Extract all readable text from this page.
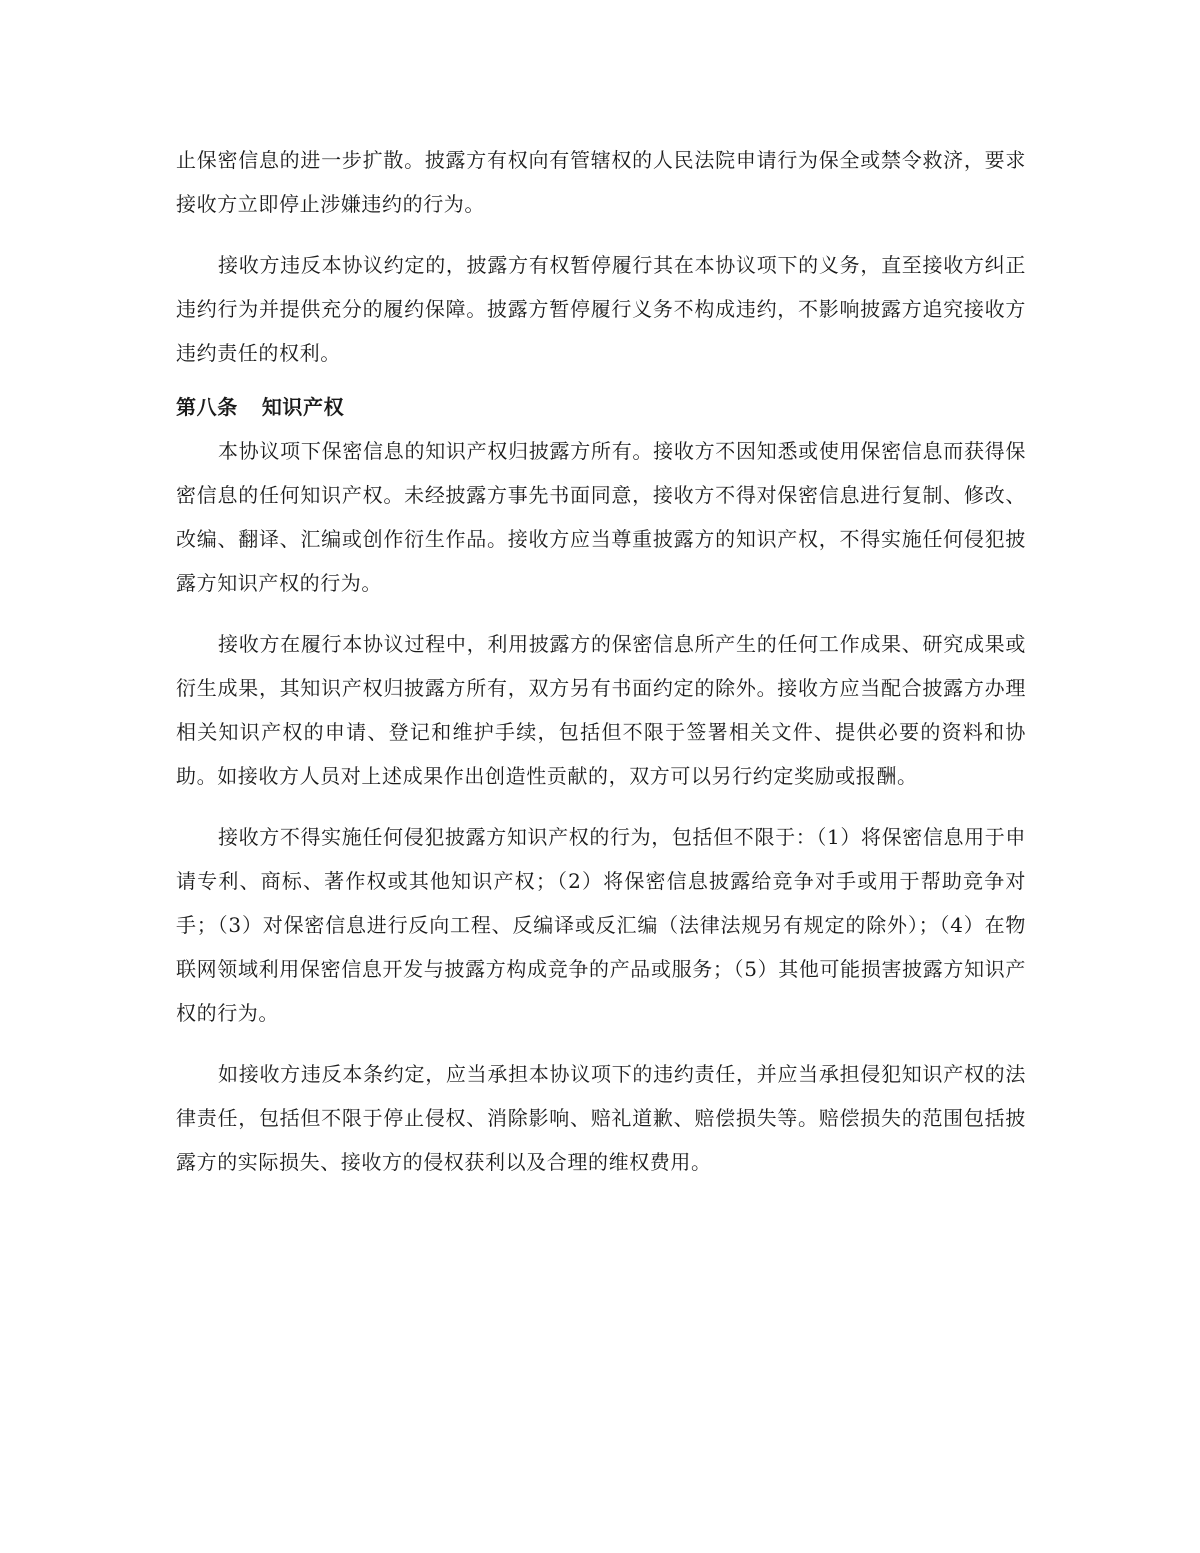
止保密信息的进一步扩散。披露方有权向有管辖权的人民法院申请行为保全或禁令救济，要求接收方立即停止涉嫌违约的行为。

接收方违反本协议约定的，披露方有权暂停履行其在本协议项下的义务，直至接收方纠正违约行为并提供充分的履约保障。披露方暂停履行义务不构成违约，不影响披露方追究接收方违约责任的权利。

第八条 知识产权

本协议项下保密信息的知识产权归披露方所有。接收方不因知悉或使用保密信息而获得保密信息的任何知识产权。未经披露方事先书面同意，接收方不得对保密信息进行复制、修改、改编、翻译、汇编或创作衍生作品。接收方应当尊重披露方的知识产权，不得实施任何侵犯披露方知识产权的行为。

接收方在履行本协议过程中，利用披露方的保密信息所产生的任何工作成果、研究成果或衍生成果，其知识产权归披露方所有，双方另有书面约定的除外。接收方应当配合披露方办理相关知识产权的申请、登记和维护手续，包括但不限于签署相关文件、提供必要的资料和协助。如接收方人员对上述成果作出创造性贡献的，双方可以另行约定奖励或报酬。

接收方不得实施任何侵犯披露方知识产权的行为，包括但不限于：（1）将保密信息用于申请专利、商标、著作权或其他知识产权；（2）将保密信息披露给竞争对手或用于帮助竞争对手；（3）对保密信息进行反向工程、反编译或反汇编（法律法规另有规定的除外）；（4）在物联网领域利用保密信息开发与披露方构成竞争的产品或服务；（5）其他可能损害披露方知识产权的行为。

如接收方违反本条约定，应当承担本协议项下的违约责任，并应当承担侵犯知识产权的法律责任，包括但不限于停止侵权、消除影响、赔礼道歉、赔偿损失等。赔偿损失的范围包括披露方的实际损失、接收方的侵权获利以及合理的维权费用。
